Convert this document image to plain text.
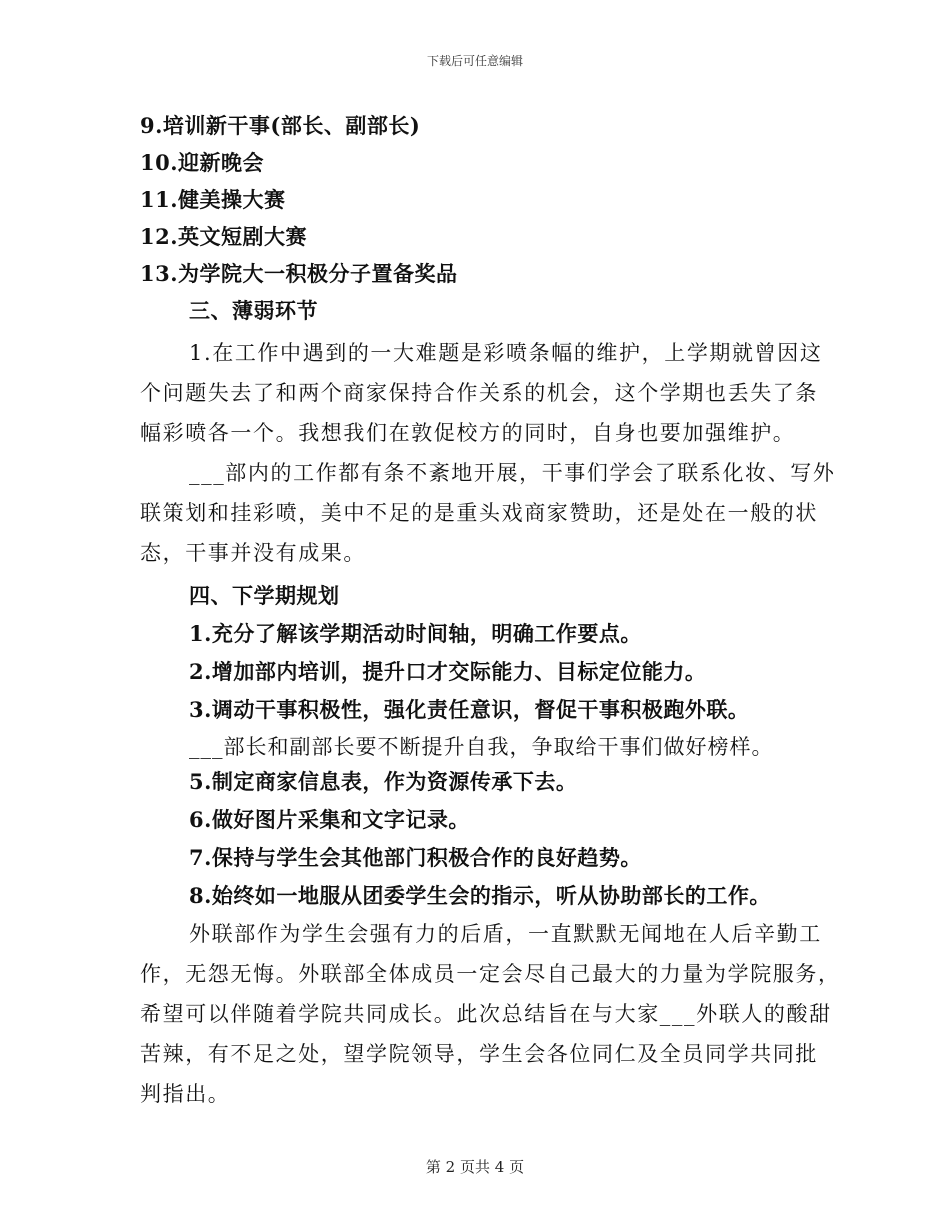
下载后可任意编辑
9.培训新干事(部长、副部长)
10.迎新晚会
11.健美操大赛
12.英文短剧大赛
13.为学院大一积极分子置备奖品
三、薄弱环节
1.在工作中遇到的一大难题是彩喷条幅的维护，上学期就曾因这
个问题失去了和两个商家保持合作关系的机会，这个学期也丢失了条
幅彩喷各一个。我想我们在敦促校方的同时，自身也要加强维护。
___部内的工作都有条不紊地开展，干事们学会了联系化妆、写外
联策划和挂彩喷，美中不足的是重头戏商家赞助，还是处在一般的状
态，干事并没有成果。
四、下学期规划
1.充分了解该学期活动时间轴，明确工作要点。
2.增加部内培训，提升口才交际能力、目标定位能力。
3.调动干事积极性，强化责任意识，督促干事积极跑外联。
___部长和副部长要不断提升自我，争取给干事们做好榜样。
5.制定商家信息表，作为资源传承下去。
6.做好图片采集和文字记录。
7.保持与学生会其他部门积极合作的良好趋势。
8.始终如一地服从团委学生会的指示，听从协助部长的工作。
外联部作为学生会强有力的后盾，一直默默无闻地在人后辛勤工
作，无怨无悔。外联部全体成员一定会尽自己最大的力量为学院服务，
希望可以伴随着学院共同成长。此次总结旨在与大家___外联人的酸甜
苦辣，有不足之处，望学院领导，学生会各位同仁及全员同学共同批
判指出。
第 2 页共 4 页
